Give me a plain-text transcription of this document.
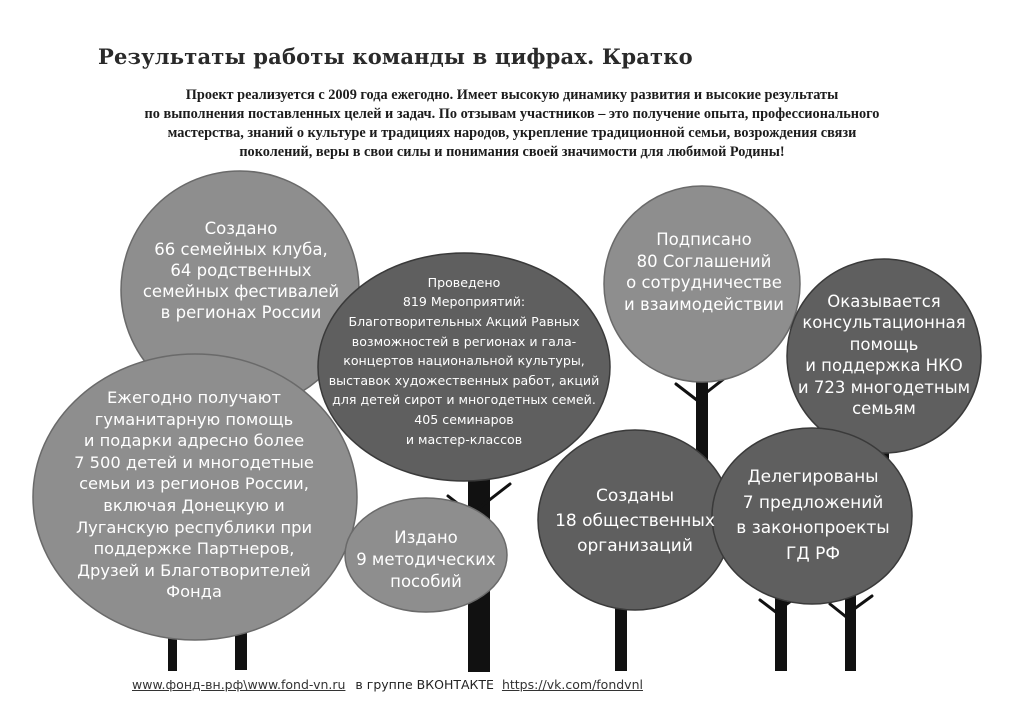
Результаты работы команды в цифрах. Кратко
Проект реализуется с 2009 года ежегодно. Имеет высокую динамику развития и высокие результаты
по выполнения поставленных целей и задач. По отзывам участников – это получение опыта, профессионального
мастерства, знаний о культуре и традициях народов, укрепление традиционной семьи, возрождения связи
поколений, веры в свои силы и понимания своей значимости для любимой Родины!
Создано
66 семейных клуба,
64 родственных
семейных фестивалей
в регионах России
Проведено
819 Мероприятий:
Благотворительных Акций Равных
возможностей в регионах и гала-
концертов национальной культуры,
выставок художественных работ, акций
для детей сирот и многодетных семей.
405 семинаров
и мастер-классов
Подписано
80 Соглашений
о сотрудничестве
и взаимодействии	Оказывается
консультационная
помощь
и поддержка НКО
и 723 многодетным
семьям
Ежегодно получают
гуманитарную помощь
и подарки адресно более
7 500 детей и многодетные
семьи из регионов России,
включая Донецкую и
Луганскую республики при
поддержке Партнеров,
Друзей и Благотворителей
Фонда
Издано
9 методических
пособий
Созданы
18 общественных
организаций
Делегированы
7 предложений
в законопроекты
ГД РФ
www.фонд-вн.рф\www.fond-vn.ru в группе ВКОНТАКТЕ https://vk.com/fondvnl
